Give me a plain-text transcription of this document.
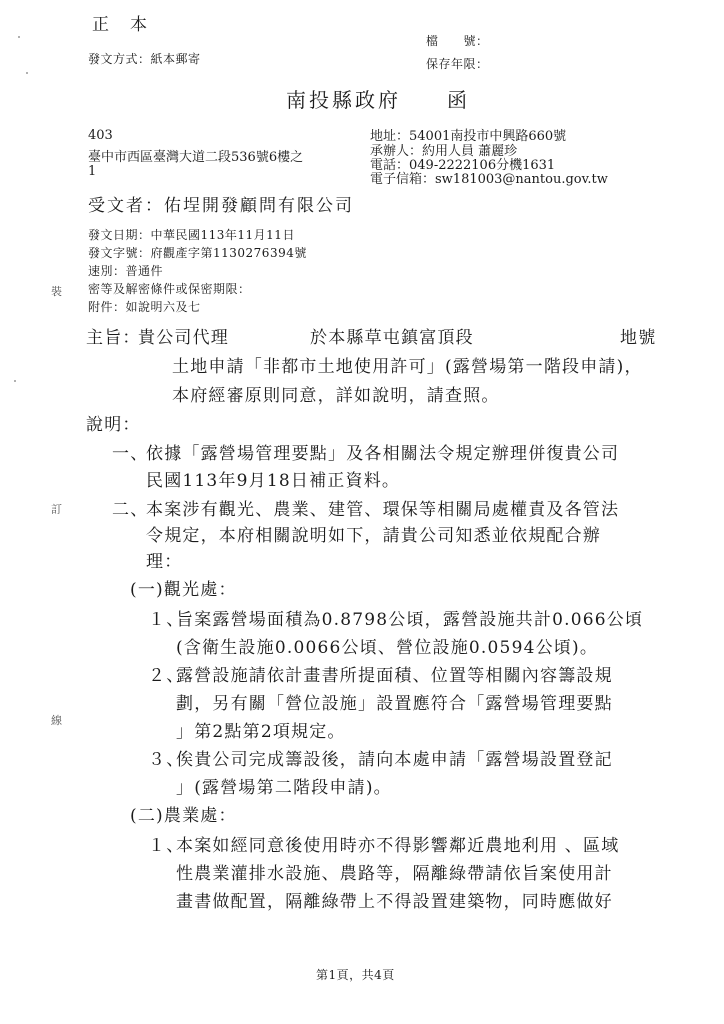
正　本
發文方式：紙本郵寄
檔　　號：
保存年限：
南投縣政府　　函
403
臺中市西區臺灣大道二段536號6樓之
1
地址：54001南投市中興路660號
承辦人：約用人員 蕭麗珍
電話：049-2222106分機1631
電子信箱：sw181003@nantou.gov.tw
受文者：佑埕開發顧問有限公司
發文日期：中華民國113年11月11日
發文字號：府觀產字第1130276394號
速別：普通件
密等及解密條件或保密期限：
附件：如說明六及七
裝
訂
線
主旨：
貴公司代理	於本縣草屯鎮富頂段	地號
土地申請「非都市土地使用許可」(露營場第一階段申請)，
本府經審原則同意，詳如說明，請查照。
說明：
一、
依據「露營場管理要點」及各相關法令規定辦理併復貴公司
民國113年9月18日補正資料。
二、
本案涉有觀光、農業、建管、環保等相關局處權責及各管法
令規定，本府相關說明如下，請貴公司知悉並依規配合辦
理：
(一)觀光處：
１、
旨案露營場面積為0.8798公頃，露營設施共計0.066公頃
(含衛生設施0.0066公頃、營位設施0.0594公頃)。
２、
露營設施請依計畫書所提面積、位置等相關內容籌設規
劃，另有關「營位設施」設置應符合「露營場管理要點
」第2點第2項規定。
３、
俟貴公司完成籌設後，請向本處申請「露營場設置登記
」(露營場第二階段申請)。
(二)農業處：
１、
本案如經同意後使用時亦不得影響鄰近農地利用 、區域
性農業灌排水設施、農路等，隔離綠帶請依旨案使用計
畫書做配置，隔離綠帶上不得設置建築物，同時應做好
第1頁，共4頁
